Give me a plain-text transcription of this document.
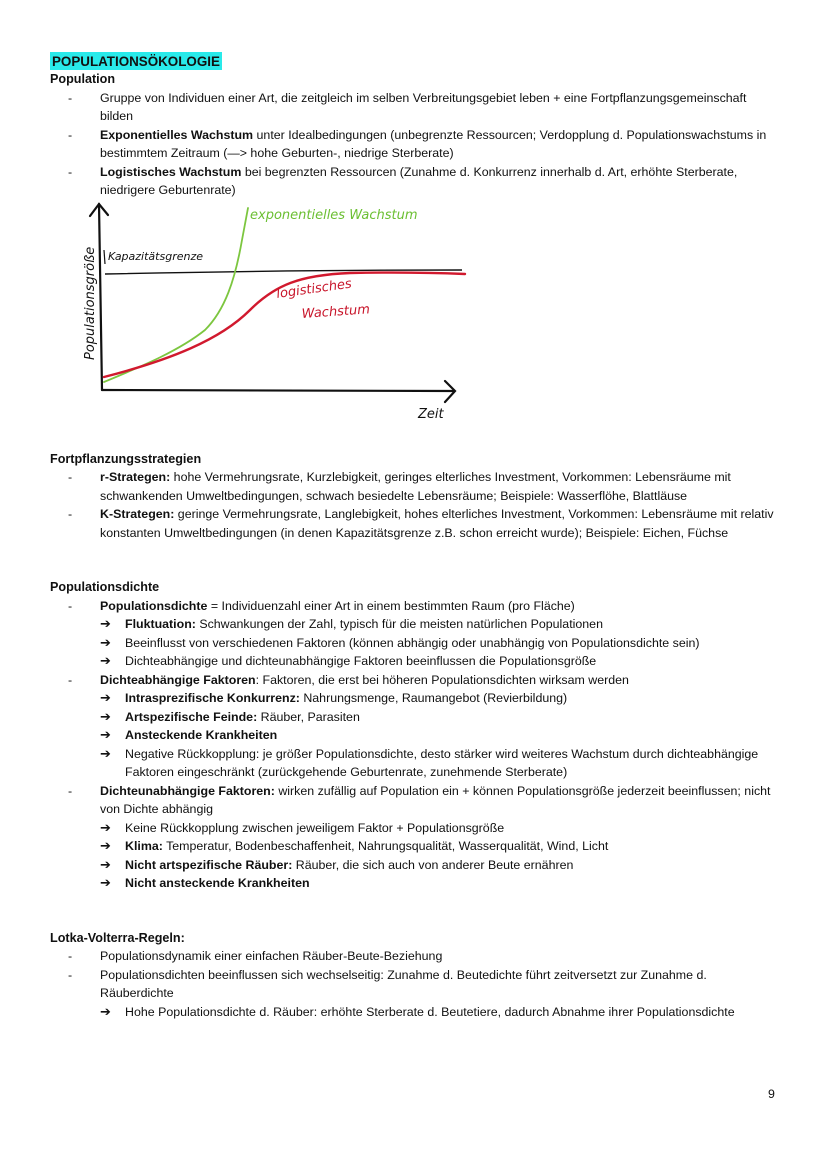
POPULATIONSÖKOLOGIE
Population
- Gruppe von Individuen einer Art, die zeitgleich im selben Verbreitungsgebiet leben + eine Fortpflanzungsgemeinschaft bilden
- Exponentielles Wachstum unter Idealbedingungen (unbegrenzte Ressourcen; Verdopplung d. Populationswachstums in bestimmtem Zeitraum (—> hohe Geburten-, niedrige Sterberate)
- Logistisches Wachstum bei begrenzten Ressourcen (Zunahme d. Konkurrenz innerhalb d. Art, erhöhte Sterberate, niedrigere Geburtenrate)
Kapazitätsgrenze
exponentielles Wachstum
logistisches
Wachstum
Populationsgröße
Zeit
Fortpflanzungsstrategien
- r-Strategen: hohe Vermehrungsrate, Kurzlebigkeit, geringes elterliches Investment, Vorkommen: Lebensräume mit schwankenden Umweltbedingungen, schwach besiedelte Lebensräume; Beispiele: Wasserflöhe, Blattläuse
- K-Strategen: geringe Vermehrungsrate, Langlebigkeit, hohes elterliches Investment, Vorkommen: Lebensräume mit relativ konstanten Umweltbedingungen (in denen Kapazitätsgrenze z.B. schon erreicht wurde); Beispiele: Eichen, Füchse
Populationsdichte
- Populationsdichte = Individuenzahl einer Art in einem bestimmten Raum (pro Fläche)
➔ Fluktuation: Schwankungen der Zahl, typisch für die meisten natürlichen Populationen
➔ Beeinflusst von verschiedenen Faktoren (können abhängig oder unabhängig von Populationsdichte sein)
➔ Dichteabhängige und dichteunabhängige Faktoren beeinflussen die Populationsgröße
- Dichteabhängige Faktoren: Faktoren, die erst bei höheren Populationsdichten wirksam werden
➔ Intrasprezifische Konkurrenz: Nahrungsmenge, Raumangebot (Revierbildung)
➔ Artspezifische Feinde: Räuber, Parasiten
➔ Ansteckende Krankheiten
➔ Negative Rückkopplung: je größer Populationsdichte, desto stärker wird weiteres Wachstum durch dichteabhängige Faktoren eingeschränkt (zurückgehende Geburtenrate, zunehmende Sterberate)
- Dichteunabhängige Faktoren: wirken zufällig auf Population ein + können Populationsgröße jederzeit beeinflussen; nicht von Dichte abhängig
➔ Keine Rückkopplung zwischen jeweiligem Faktor + Populationsgröße
➔ Klima: Temperatur, Bodenbeschaffenheit, Nahrungsqualität, Wasserqualität, Wind, Licht
➔ Nicht artspezifische Räuber: Räuber, die sich auch von anderer Beute ernähren
➔ Nicht ansteckende Krankheiten
Lotka-Volterra-Regeln:
- Populationsdynamik einer einfachen Räuber-Beute-Beziehung
- Populationsdichten beeinflussen sich wechselseitig: Zunahme d. Beutedichte führt zeitversetzt zur Zunahme d. Räuberdichte
➔ Hohe Populationsdichte d. Räuber: erhöhte Sterberate d. Beutetiere, dadurch Abnahme ihrer Populationsdichte
9
